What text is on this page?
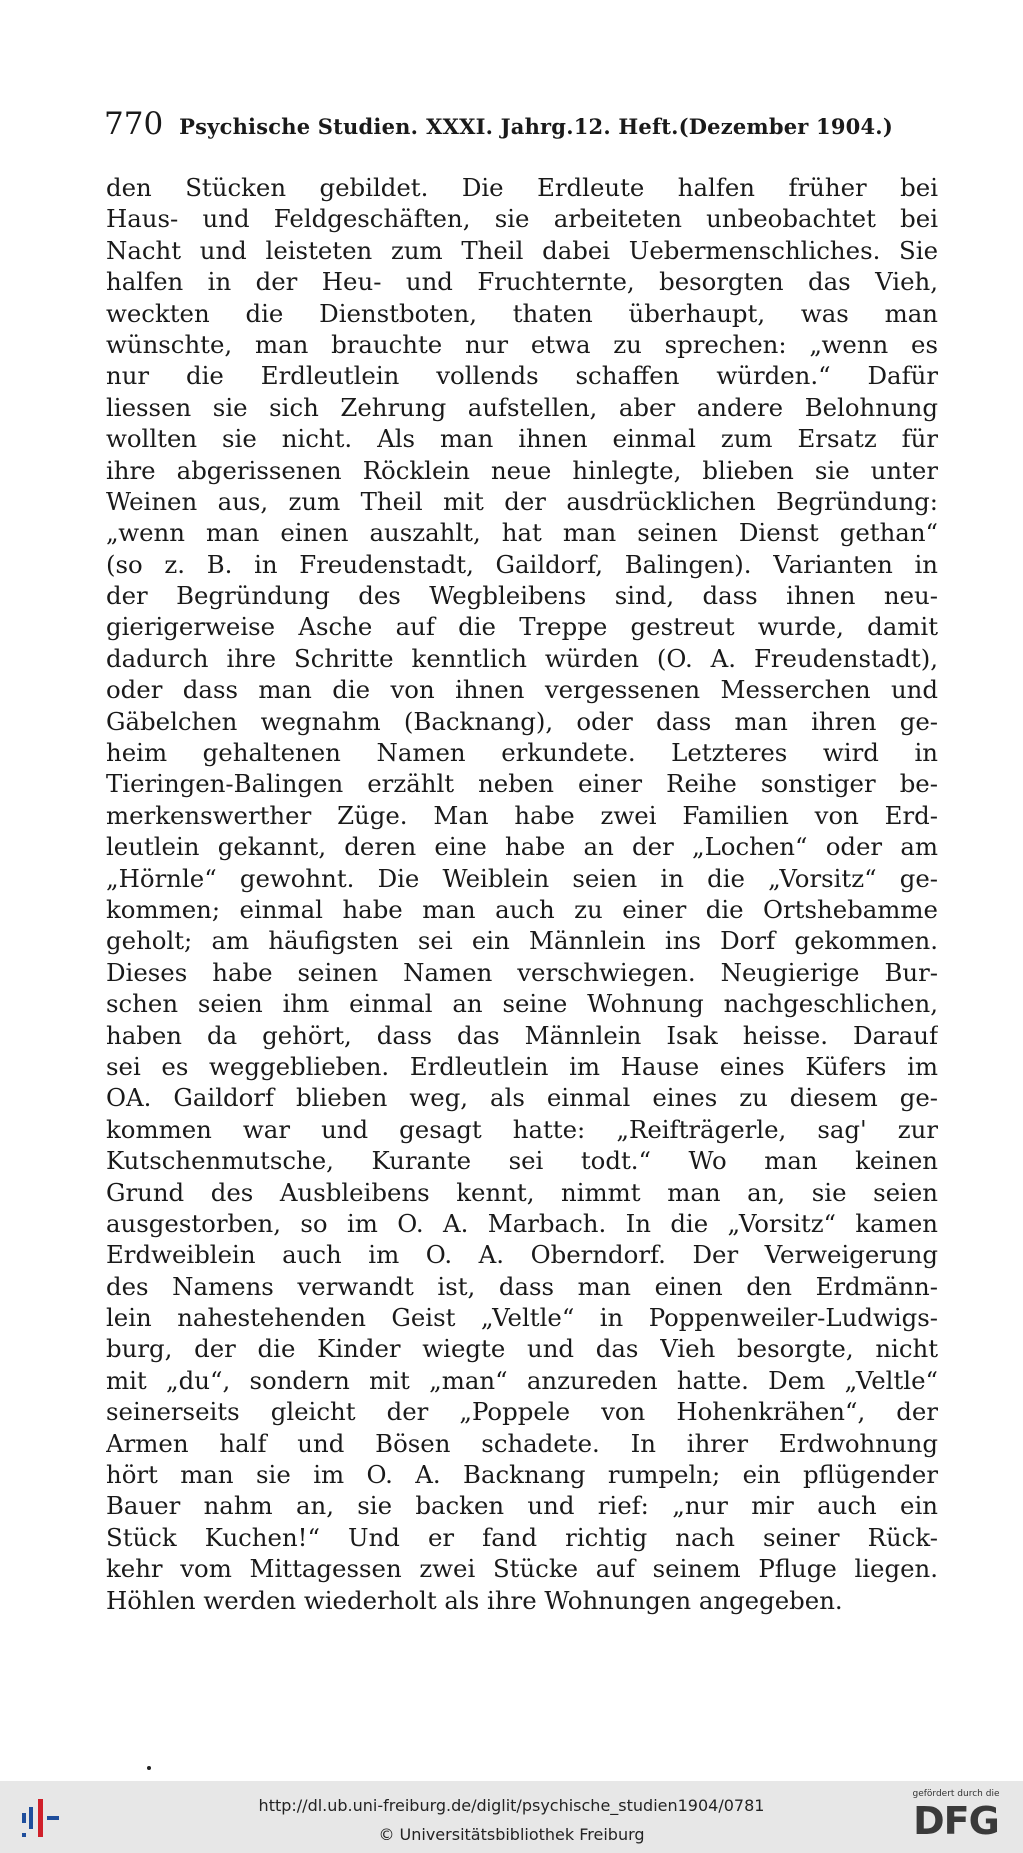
770 Psychische Studien. XXXI. Jahrg. 12. Heft. (Dezember 1904.)
den Stücken gebildet. Die Erdleute halfen früher bei
Haus- und Feldgeschäften, sie arbeiteten unbeobachtet bei
Nacht und leisteten zum Theil dabei Uebermenschliches. Sie
halfen in der Heu- und Fruchternte, besorgten das Vieh,
weckten die Dienstboten, thaten überhaupt, was man
wünschte, man brauchte nur etwa zu sprechen: „wenn es
nur die Erdleutlein vollends schaffen würden.“ Dafür
liessen sie sich Zehrung aufstellen, aber andere Belohnung
wollten sie nicht. Als man ihnen einmal zum Ersatz für
ihre abgerissenen Röcklein neue hinlegte, blieben sie unter
Weinen aus, zum Theil mit der ausdrücklichen Begründung:
„wenn man einen auszahlt, hat man seinen Dienst gethan“
(so z. B. in Freudenstadt, Gaildorf, Balingen). Varianten in
der Begründung des Wegbleibens sind, dass ihnen neu-
gierigerweise Asche auf die Treppe gestreut wurde, damit
dadurch ihre Schritte kenntlich würden (O. A. Freudenstadt),
oder dass man die von ihnen vergessenen Messerchen und
Gäbelchen wegnahm (Backnang), oder dass man ihren ge-
heim gehaltenen Namen erkundete. Letzteres wird in
Tieringen-Balingen erzählt neben einer Reihe sonstiger be-
merkenswerther Züge. Man habe zwei Familien von Erd-
leutlein gekannt, deren eine habe an der „Lochen“ oder am
„Hörnle“ gewohnt. Die Weiblein seien in die „Vorsitz“ ge-
kommen; einmal habe man auch zu einer die Ortshebamme
geholt; am häufigsten sei ein Männlein ins Dorf gekommen.
Dieses habe seinen Namen verschwiegen. Neugierige Bur-
schen seien ihm einmal an seine Wohnung nachgeschlichen,
haben da gehört, dass das Männlein Isak heisse. Darauf
sei es weggeblieben. Erdleutlein im Hause eines Küfers im
OA. Gaildorf blieben weg, als einmal eines zu diesem ge-
kommen war und gesagt hatte: „Reifträgerle, sag' zur
Kutschenmutsche, Kurante sei todt.“ Wo man keinen
Grund des Ausbleibens kennt, nimmt man an, sie seien
ausgestorben, so im O. A. Marbach. In die „Vorsitz“ kamen
Erdweiblein auch im O. A. Oberndorf. Der Verweigerung
des Namens verwandt ist, dass man einen den Erdmänn-
lein nahestehenden Geist „Veltle“ in Poppenweiler-Ludwigs-
burg, der die Kinder wiegte und das Vieh besorgte, nicht
mit „du“, sondern mit „man“ anzureden hatte. Dem „Veltle“
seinerseits gleicht der „Poppele von Hohenkrähen“, der
Armen half und Bösen schadete. In ihrer Erdwohnung
hört man sie im O. A. Backnang rumpeln; ein pflügender
Bauer nahm an, sie backen und rief: „nur mir auch ein
Stück Kuchen!“ Und er fand richtig nach seiner Rück-
kehr vom Mittagessen zwei Stücke auf seinem Pfluge liegen.
Höhlen werden wiederholt als ihre Wohnungen angegeben.
http://dl.ub.uni-freiburg.de/diglit/psychische_studien1904/0781
© Universitätsbibliothek Freiburg
gefördert durch die
DFG
